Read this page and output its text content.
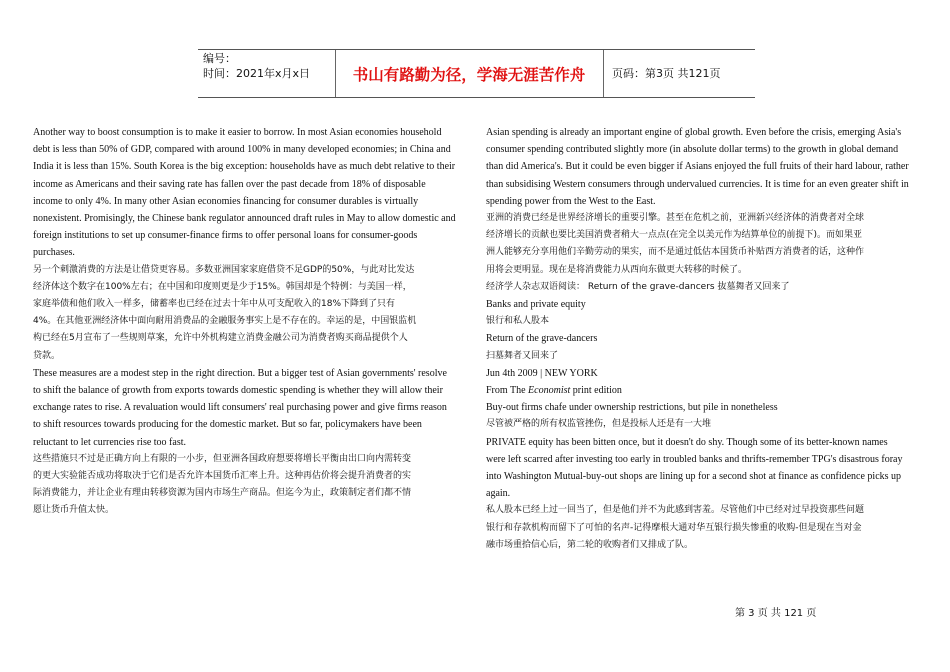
编号：
时间：2021年x月x日	书山有路勤为径，学海无涯苦作舟	页码：第3页 共121页
Another way to boost consumption is to make it easier to borrow. In most Asian economies household
debt is less than 50% of GDP, compared with around 100% in many developed economies; in China and
India it is less than 15%. South Korea is the big exception: households have as much debt relative to their
income as Americans and their saving rate has fallen over the past decade from 18% of disposable
income to only 4%. In many other Asian economies financing for consumer durables is virtually
nonexistent. Promisingly, the Chinese bank regulator announced draft rules in May to allow domestic and
foreign institutions to set up consumer-finance firms to offer personal loans for consumer-goods
purchases.
另一个刺激消费的方法是让借贷更容易。多数亚洲国家家庭借贷不足GDP的50%，与此对比发达
经济体这个数字在100%左右；在中国和印度则更是少于15%。韩国却是个特例：与美国一样，
家庭举债和他们收入一样多，储蓄率也已经在过去十年中从可支配收入的18%下降到了只有
4%。在其他亚洲经济体中面向耐用消费品的金融服务事实上是不存在的。幸运的是，中国银监机
构已经在5月宣布了一些规则草案，允许中外机构建立消费金融公司为消费者购买商品提供个人
贷款。
These measures are a modest step in the right direction. But a bigger test of Asian governments' resolve
to shift the balance of growth from exports towards domestic spending is whether they will allow their
exchange rates to rise. A revaluation would lift consumers' real purchasing power and give firms reason
to shift resources towards producing for the domestic market. But so far, policymakers have been
reluctant to let currencies rise too fast.
这些措施只不过是正确方向上有限的一小步，但亚洲各国政府想要将增长平衡由出口向内需转变
的更大实验能否成功将取决于它们是否允许本国货币汇率上升。这种再估价将会提升消费者的实
际消费能力，并让企业有理由转移资源为国内市场生产商品。但迄今为止，政策制定者们都不情
愿让货币升值太快。
Asian spending is already an important engine of global growth. Even before the crisis, emerging Asia's
consumer spending contributed slightly more (in absolute dollar terms) to the growth in global demand
than did America's. But it could be even bigger if Asians enjoyed the full fruits of their hard labour, rather
than subsidising Western consumers through undervalued currencies. It is time for an even greater shift in
spending power from the West to the East.
亚洲的消费已经是世界经济增长的重要引擎。甚至在危机之前，亚洲新兴经济体的消费者对全球
经济增长的贡献也要比美国消费者稍大一点点(在完全以美元作为结算单位的前提下)。而如果亚
洲人能够充分享用他们辛勤劳动的果实，而不是通过低估本国货币补贴西方消费者的话，这种作
用将会更明显。现在是将消费能力从西向东做更大转移的时候了。
经济学人杂志双语阅读： Return of the grave-dancers 抜墓舞者又回来了
Banks and private equity
银行和私人股本
Return of the grave-dancers
扫墓舞者又回来了
Jun 4th 2009 | NEW YORK
From The Economist print edition
Buy-out firms chafe under ownership restrictions, but pile in nonetheless
尽管被严格的所有权监管挫伤，但是投标人还是有一大堆
PRIVATE equity has been bitten once, but it doesn't do shy. Though some of its better-known names
were left scarred after investing too early in troubled banks and thrifts-remember TPG's disastrous foray
into Washington Mutual-buy-out shops are lining up for a second shot at finance as confidence picks up
again.
私人股本已经上过一回当了，但是他们并不为此感到害羞。尽管他们中已经对过早投资那些问题
银行和存款机构而留下了可怕的名声-记得摩根大通对华互银行损失惨重的收购-但是现在当对金
融市场重拾信心后，第二轮的收购者们又排成了队。
第 3 页 共 121 页
